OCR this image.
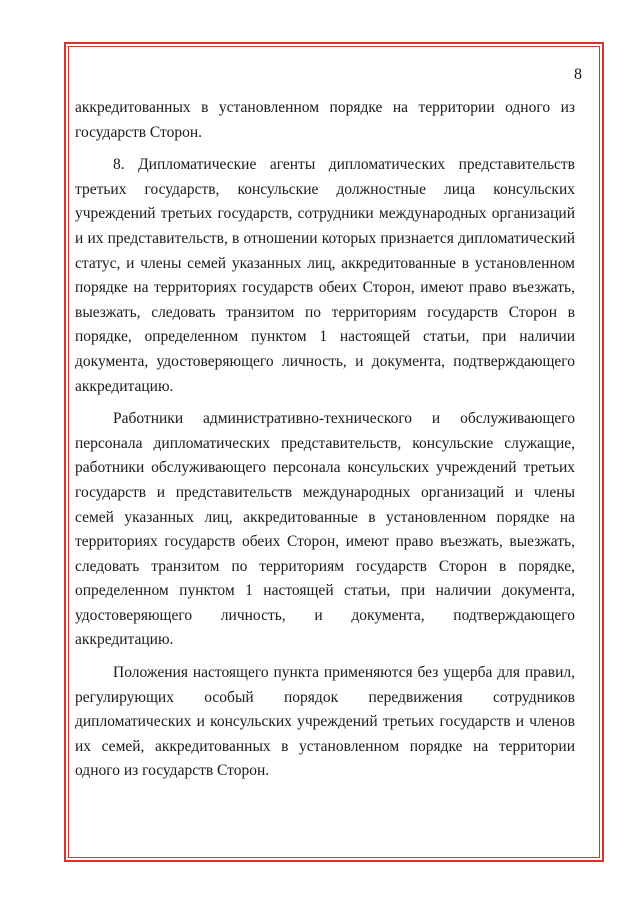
8

аккредитованных в установленном порядке на территории одного из государств Сторон.

8. Дипломатические агенты дипломатических представительств третьих государств, консульские должностные лица консульских учреждений третьих государств, сотрудники международных организаций и их представительств, в отношении которых признается дипломатический статус, и члены семей указанных лиц, аккредитованные в установленном порядке на территориях государств обеих Сторон, имеют право въезжать, выезжать, следовать транзитом по территориям государств Сторон в порядке, определенном пунктом 1 настоящей статьи, при наличии документа, удостоверяющего личность, и документа, подтверждающего аккредитацию.

Работники административно-технического и обслуживающего персонала дипломатических представительств, консульские служащие, работники обслуживающего персонала консульских учреждений третьих государств и представительств международных организаций и члены семей указанных лиц, аккредитованные в установленном порядке на территориях государств обеих Сторон, имеют право въезжать, выезжать, следовать транзитом по территориям государств Сторон в порядке, определенном пунктом 1 настоящей статьи, при наличии документа, удостоверяющего личность, и документа, подтверждающего аккредитацию.

Положения настоящего пункта применяются без ущерба для правил, регулирующих особый порядок передвижения сотрудников дипломатических и консульских учреждений третьих государств и членов их семей, аккредитованных в установленном порядке на территории одного из государств Сторон.
